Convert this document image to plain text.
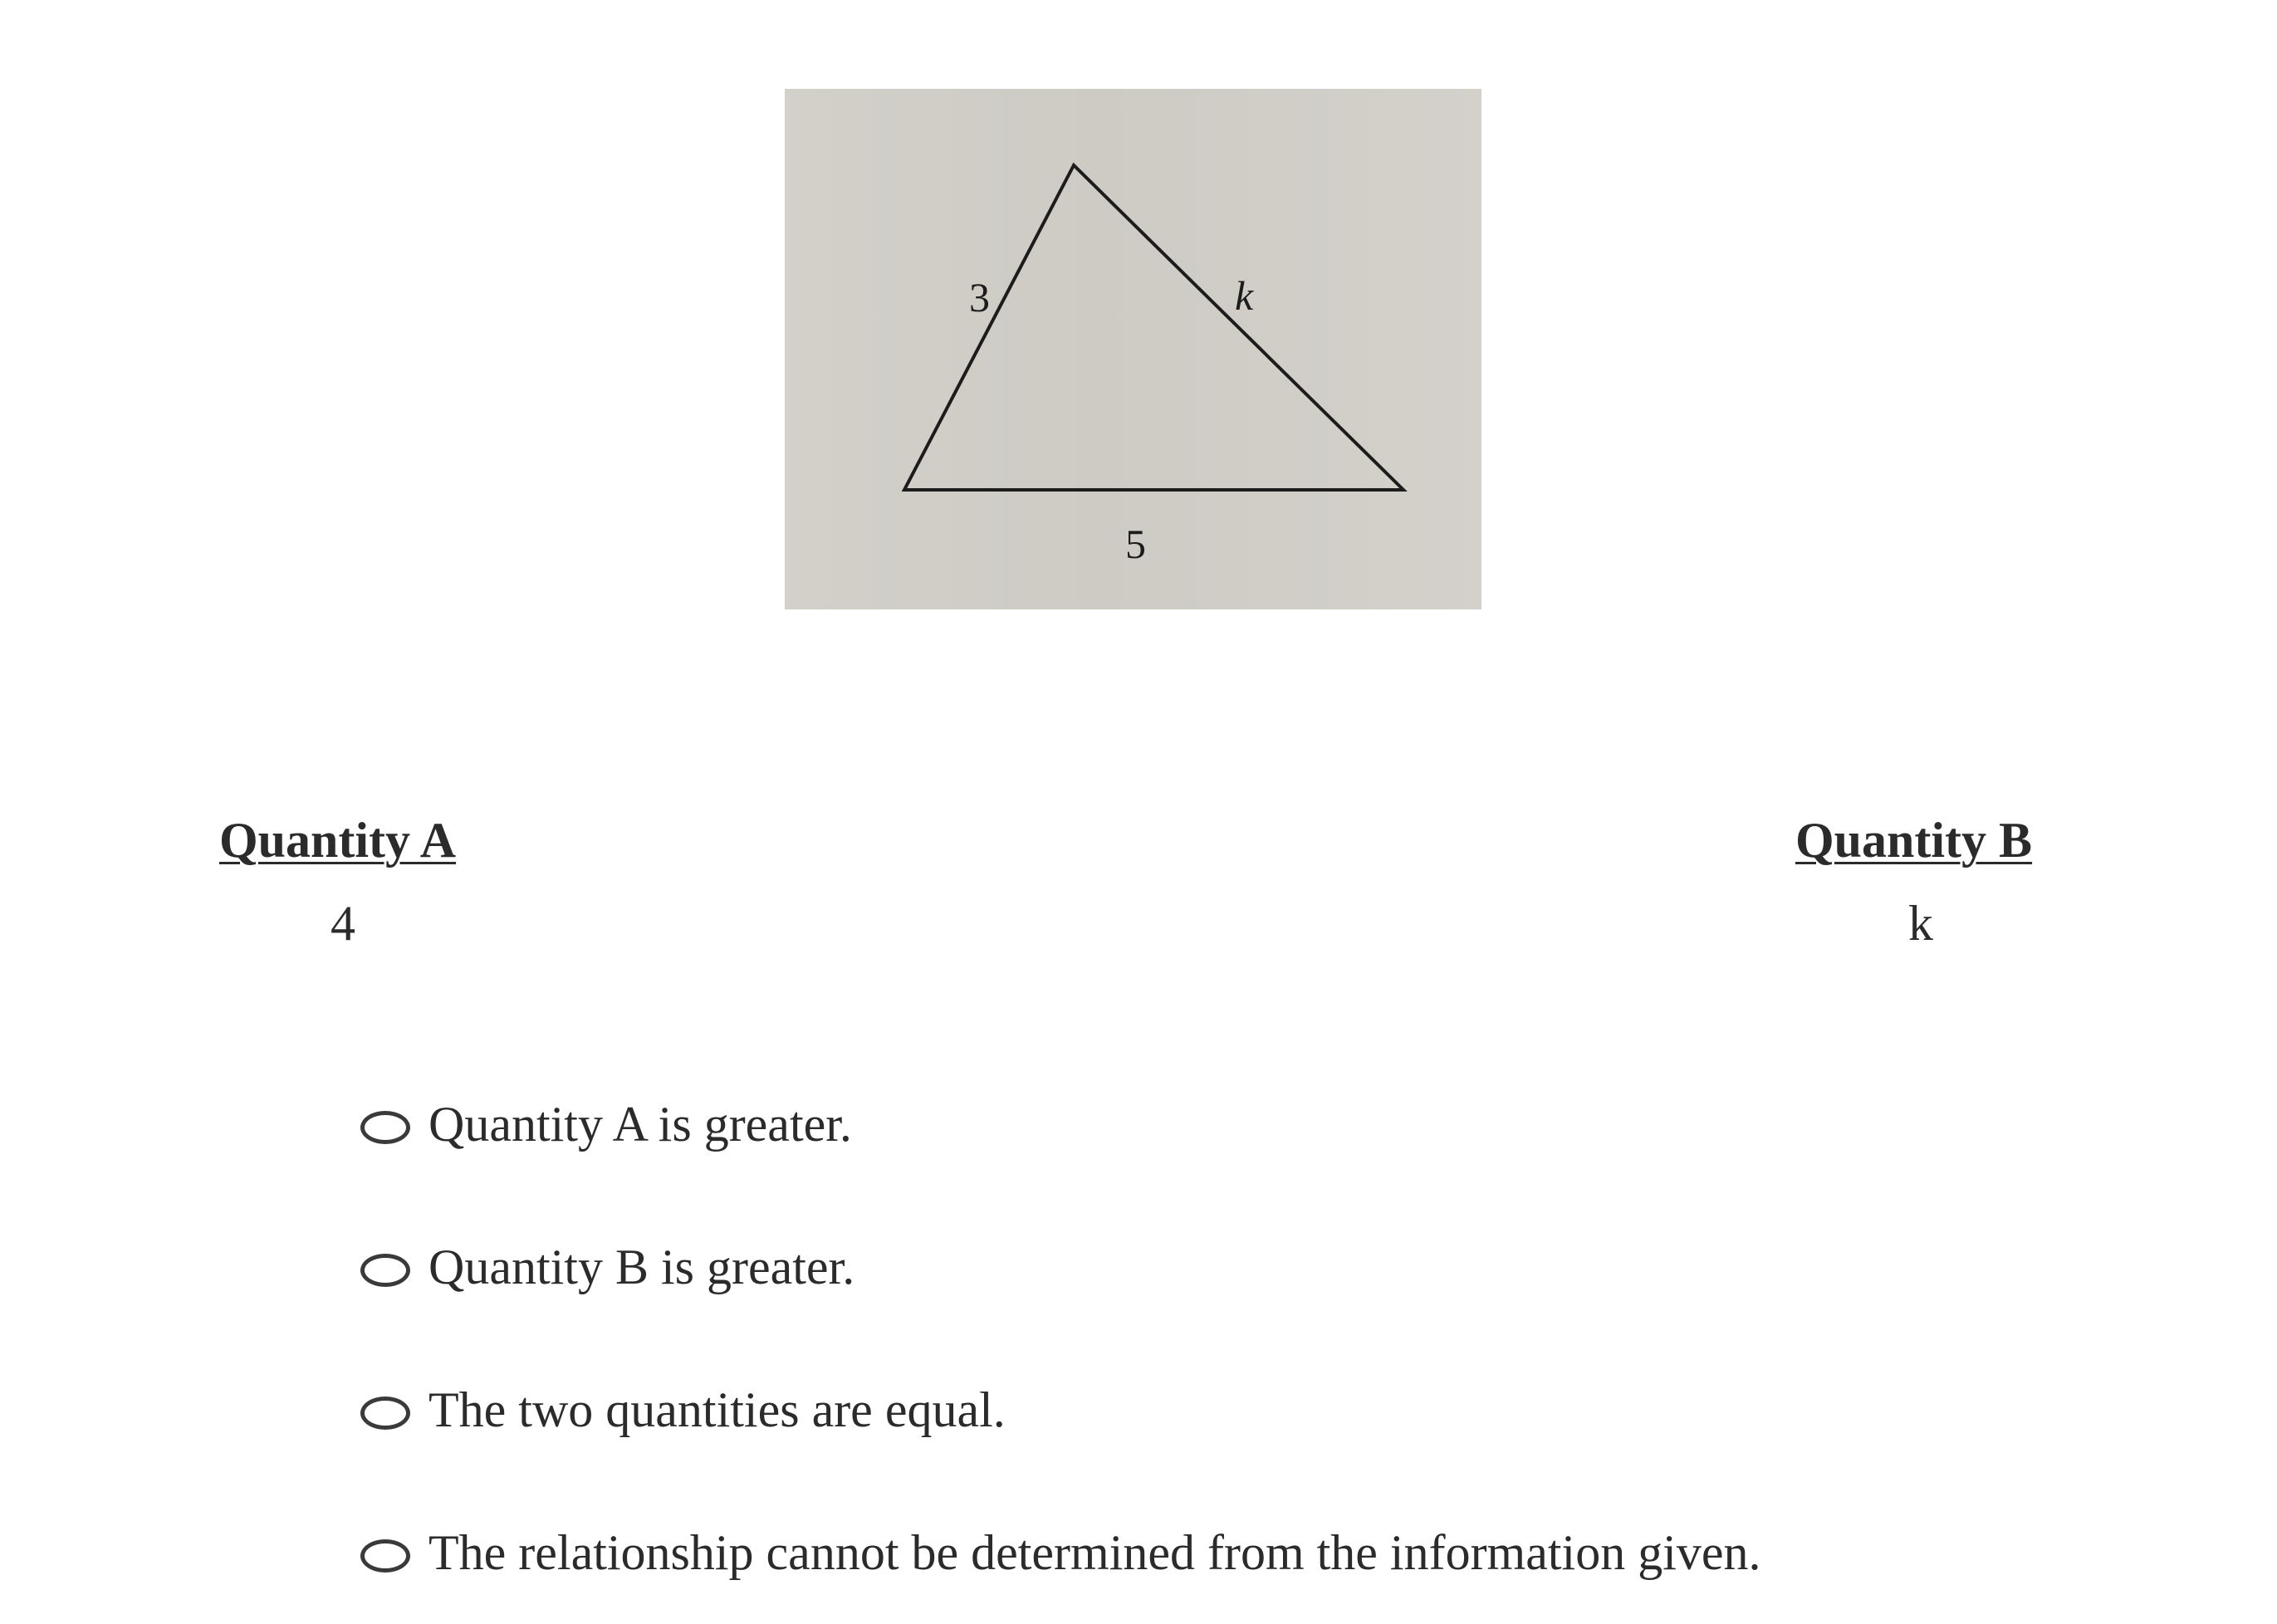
3	k
5
Quantity A
4
Quantity B
k
Quantity A is greater.
Quantity B is greater.
The two quantities are equal.
The relationship cannot be determined from the information given.
